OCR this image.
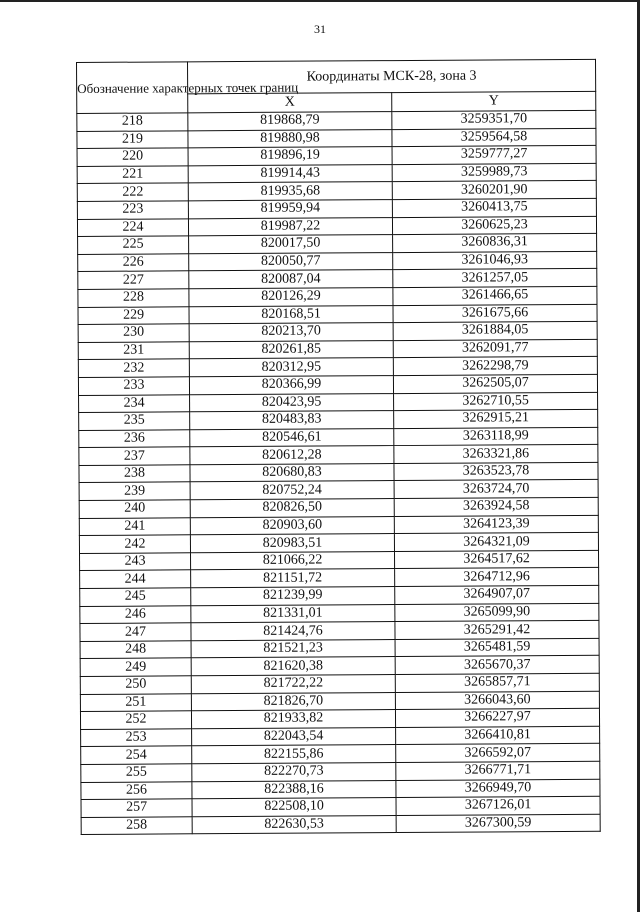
31
Обозначение характерных точек границ	Координаты МСК-28, зона 3	
	X	Y
218	819868,79	3259351,70
219	819880,98	3259564,58
220	819896,19	3259777,27
221	819914,43	3259989,73
222	819935,68	3260201,90
223	819959,94	3260413,75
224	819987,22	3260625,23
225	820017,50	3260836,31
226	820050,77	3261046,93
227	820087,04	3261257,05
228	820126,29	3261466,65
229	820168,51	3261675,66
230	820213,70	3261884,05
231	820261,85	3262091,77
232	820312,95	3262298,79
233	820366,99	3262505,07
234	820423,95	3262710,55
235	820483,83	3262915,21
236	820546,61	3263118,99
237	820612,28	3263321,86
238	820680,83	3263523,78
239	820752,24	3263724,70
240	820826,50	3263924,58
241	820903,60	3264123,39
242	820983,51	3264321,09
243	821066,22	3264517,62
244	821151,72	3264712,96
245	821239,99	3264907,07
246	821331,01	3265099,90
247	821424,76	3265291,42
248	821521,23	3265481,59
249	821620,38	3265670,37
250	821722,22	3265857,71
251	821826,70	3266043,60
252	821933,82	3266227,97
253	822043,54	3266410,81
254	822155,86	3266592,07
255	822270,73	3266771,71
256	822388,16	3266949,70
257	822508,10	3267126,01
258	822630,53	3267300,59
